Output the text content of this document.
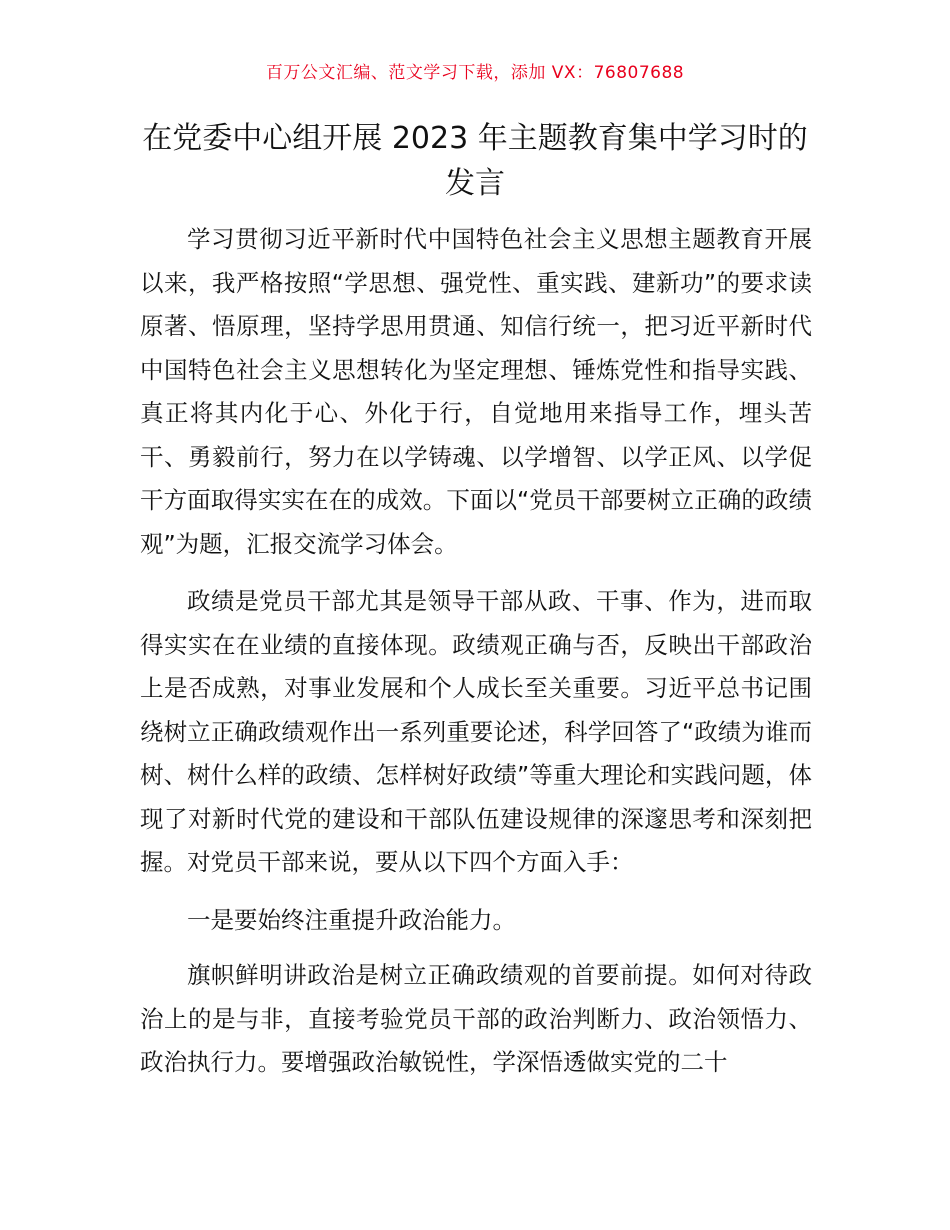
百万公文汇编、范文学习下载，添加 VX：76807688
在党委中心组开展 2023 年主题教育集中学习时的发言

学习贯彻习近平新时代中国特色社会主义思想主题教育开展以来，我严格按照“学思想、强党性、重实践、建新功”的要求读原著、悟原理，坚持学思用贯通、知信行统一，把习近平新时代中国特色社会主义思想转化为坚定理想、锤炼党性和指导实践、真正将其内化于心、外化于行，自觉地用来指导工作，埋头苦干、勇毅前行，努力在以学铸魂、以学增智、以学正风、以学促干方面取得实实在在的成效。下面以“党员干部要树立正确的政绩观”为题，汇报交流学习体会。

政绩是党员干部尤其是领导干部从政、干事、作为，进而取得实实在在业绩的直接体现。政绩观正确与否，反映出干部政治上是否成熟，对事业发展和个人成长至关重要。习近平总书记围绕树立正确政绩观作出一系列重要论述，科学回答了“政绩为谁而树、树什么样的政绩、怎样树好政绩”等重大理论和实践问题，体现了对新时代党的建设和干部队伍建设规律的深邃思考和深刻把握。对党员干部来说，要从以下四个方面入手：

一是要始终注重提升政治能力。

旗帜鲜明讲政治是树立正确政绩观的首要前提。如何对待政治上的是与非，直接考验党员干部的政治判断力、政治领悟力、政治执行力。要增强政治敏锐性，学深悟透做实党的二十
